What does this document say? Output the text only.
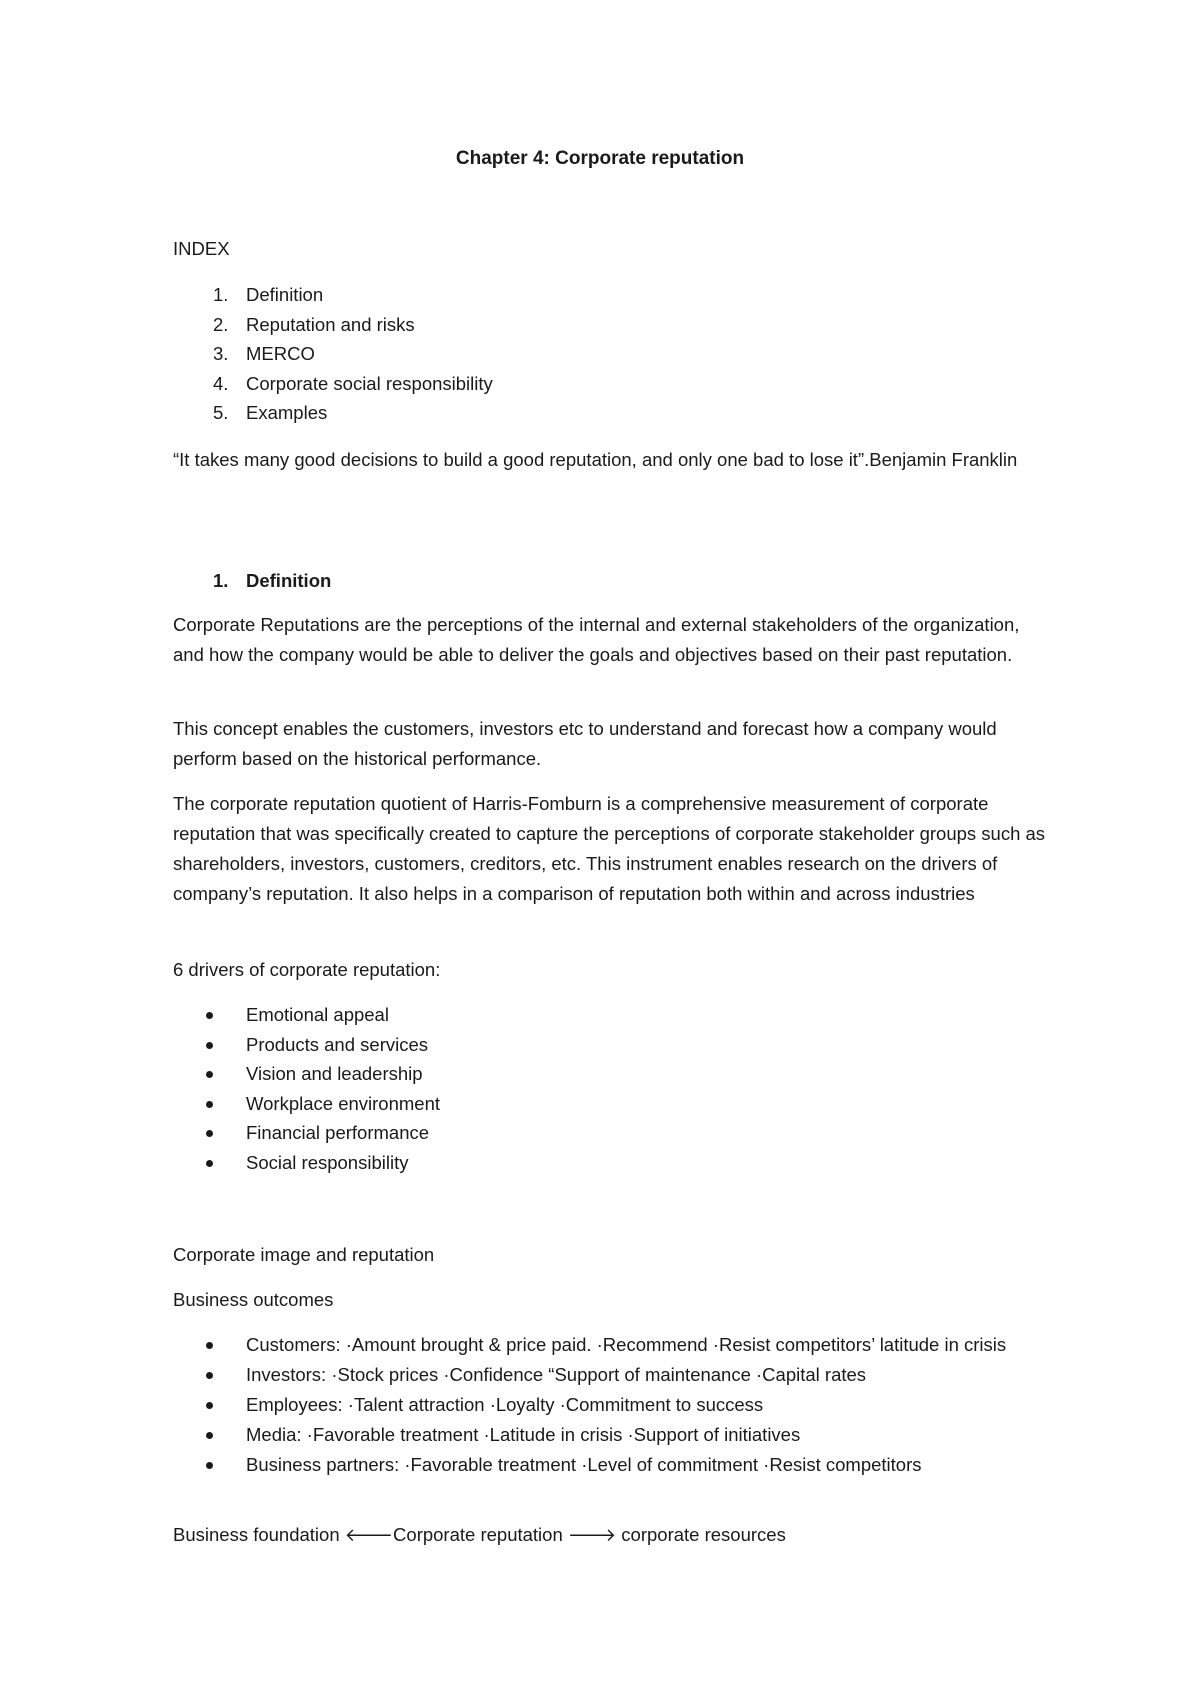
Chapter 4: Corporate reputation
INDEX
1. Definition
2. Reputation and risks
3. MERCO
4. Corporate social responsibility
5. Examples

“It takes many good decisions to build a good reputation, and only one bad to lose it”.Benjamin Franklin

1. Definition

Corporate Reputations are the perceptions of the internal and external stakeholders of the organization, and how the company would be able to deliver the goals and objectives based on their past reputation.

This concept enables the customers, investors etc to understand and forecast how a company would perform based on the historical performance.

The corporate reputation quotient of Harris-Fomburn is a comprehensive measurement of corporate reputation that was specifically created to capture the perceptions of corporate stakeholder groups such as shareholders, investors, customers, creditors, etc. This instrument enables research on the drivers of company’s reputation. It also helps in a comparison of reputation both within and across industries

6 drivers of corporate reputation:

Emotional appeal
Products and services
Vision and leadership
Workplace environment
Financial performance
Social responsibility

Corporate image and reputation

Business outcomes

Customers: ·Amount brought & price paid. ·Recommend ·Resist competitors’ latitude in crisis
Investors: ·Stock prices ·Confidence “Support of maintenance ·Capital rates
Employees: ·Talent attraction ·Loyalty ·Commitment to success
Media: ·Favorable treatment ·Latitude in crisis ·Support of initiatives
Business partners: ·Favorable treatment ·Level of commitment ·Resist competitors

Business foundation 🡐Corporate reputation 🡒 corporate resources
